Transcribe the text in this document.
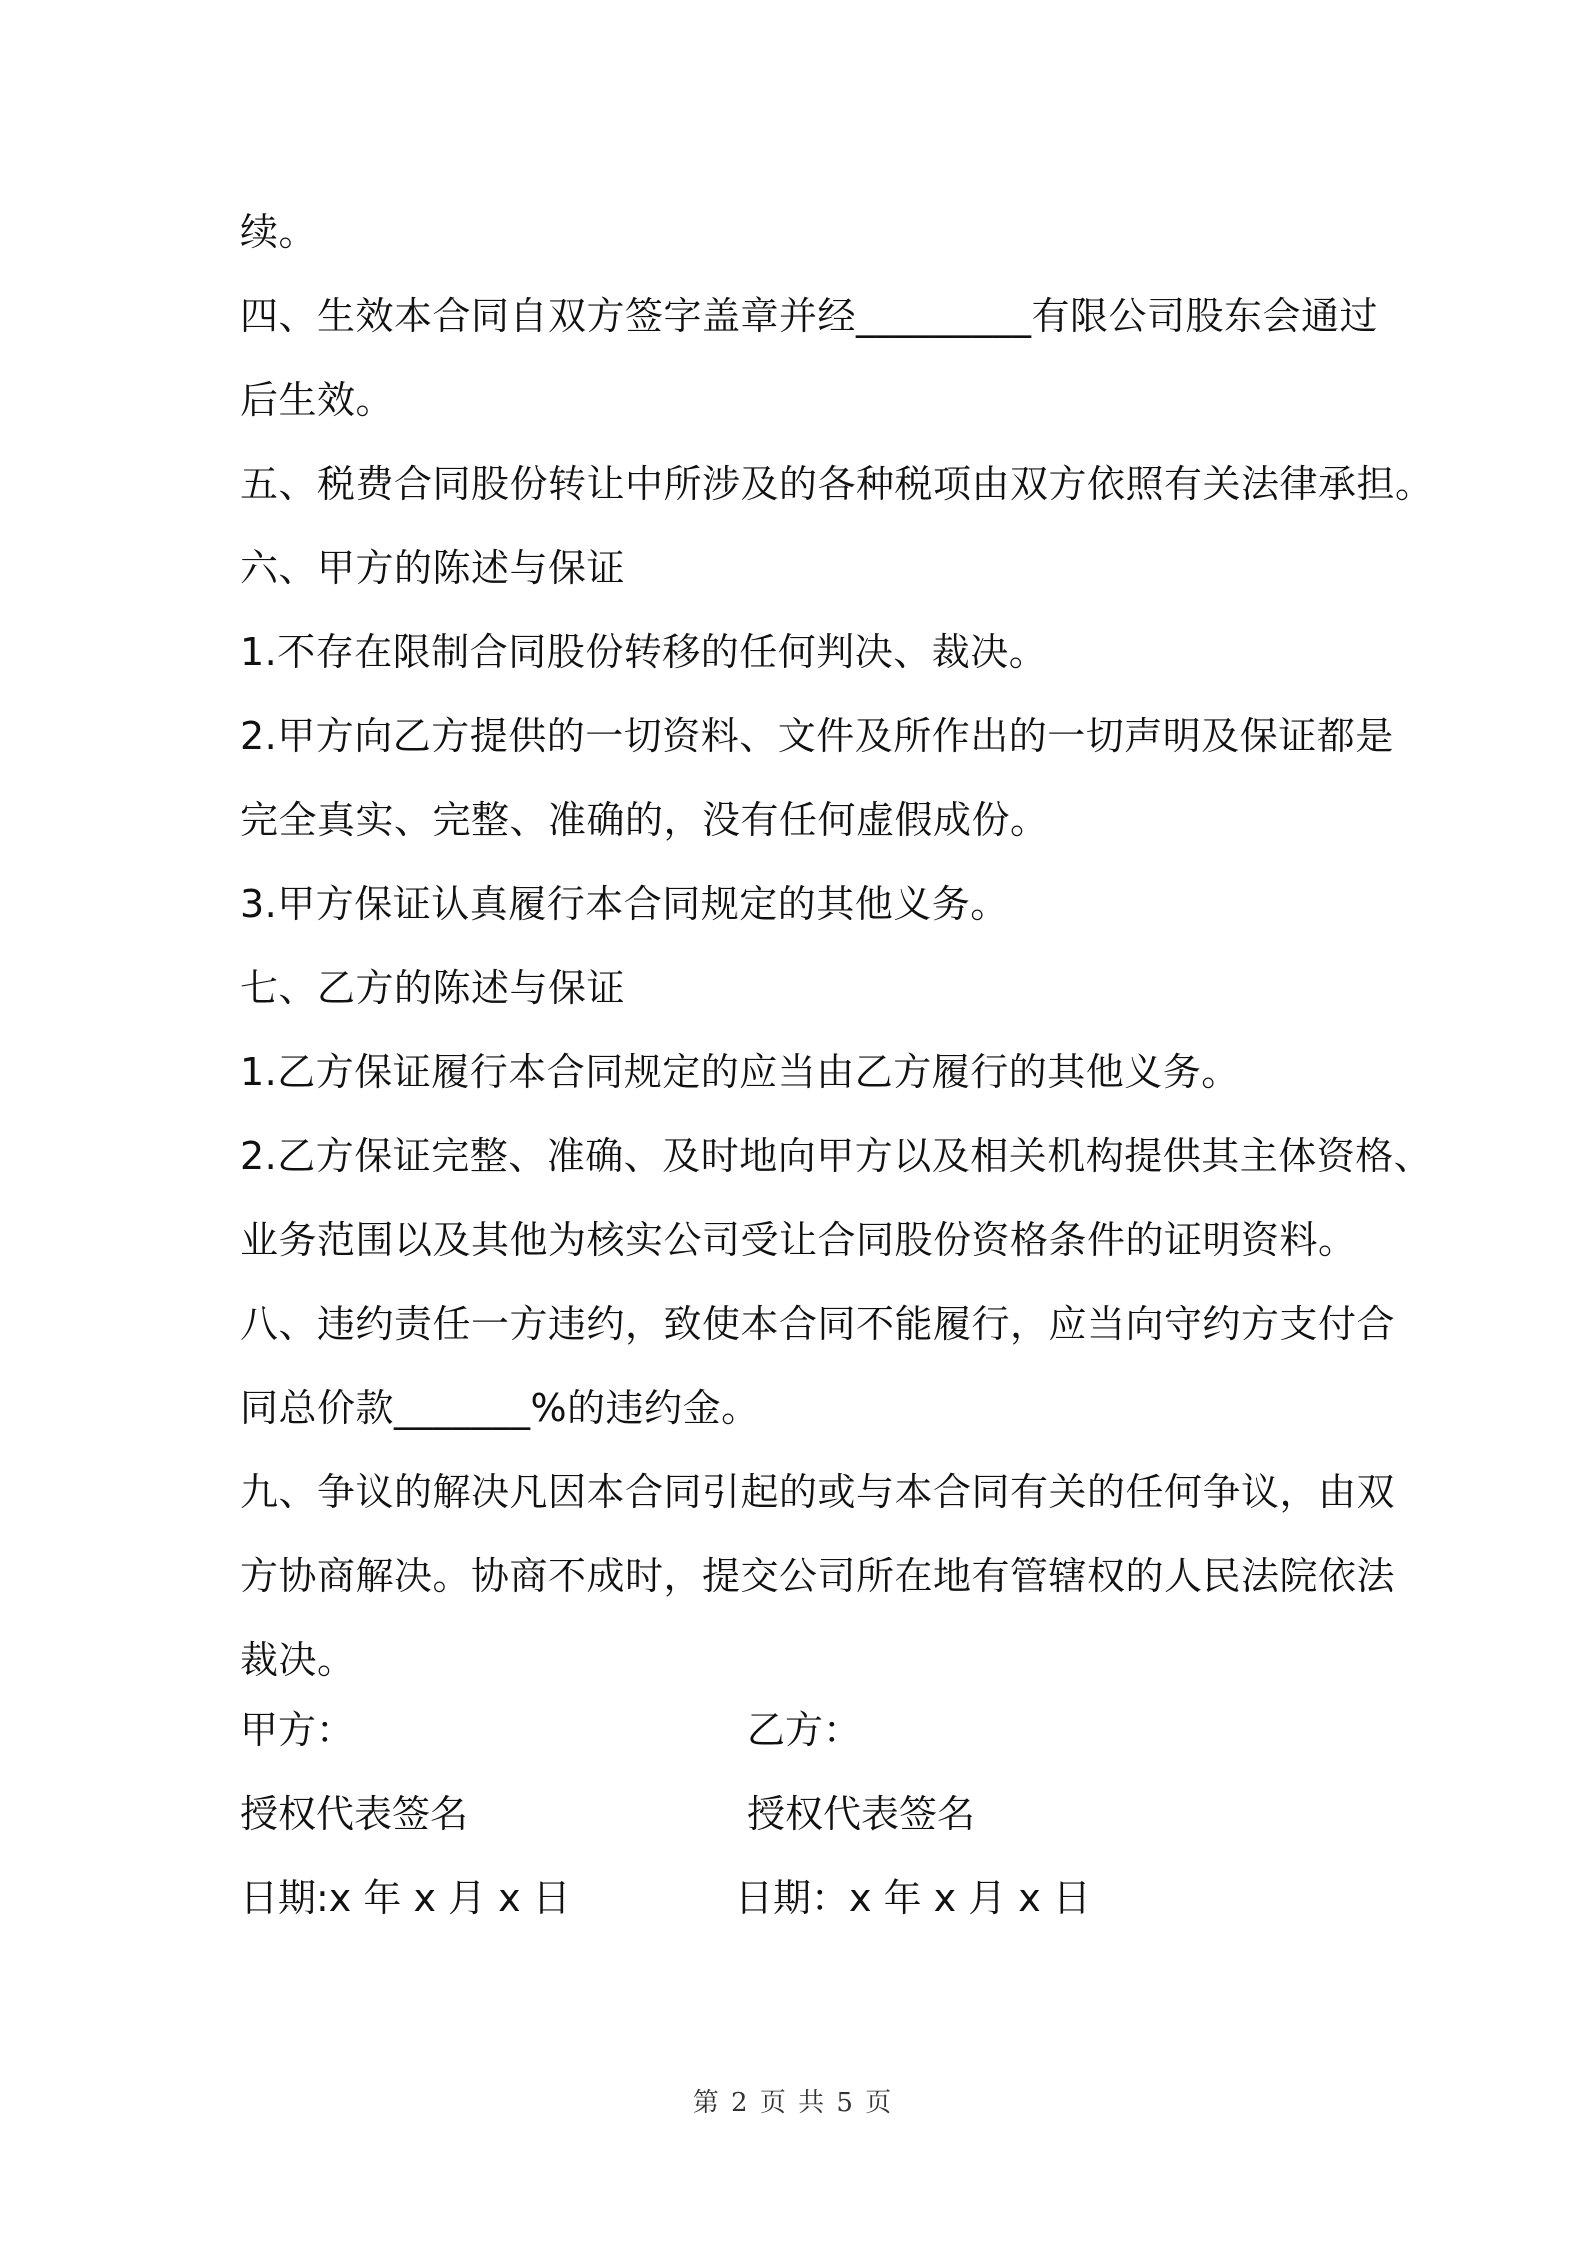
续。
四、生效本合同自双方签字盖章并经_________有限公司股东会通过
后生效。
五、税费合同股份转让中所涉及的各种税项由双方依照有关法律承担。
六、甲方的陈述与保证
1.不存在限制合同股份转移的任何判决、裁决。
2.甲方向乙方提供的一切资料、文件及所作出的一切声明及保证都是
完全真实、完整、准确的，没有任何虚假成份。
3.甲方保证认真履行本合同规定的其他义务。
七、乙方的陈述与保证
1.乙方保证履行本合同规定的应当由乙方履行的其他义务。
2.乙方保证完整、准确、及时地向甲方以及相关机构提供其主体资格、
业务范围以及其他为核实公司受让合同股份资格条件的证明资料。
八、违约责任一方违约，致使本合同不能履行，应当向守约方支付合
同总价款_______%的违约金。
九、争议的解决凡因本合同引起的或与本合同有关的任何争议，由双
方协商解决。协商不成时，提交公司所在地有管辖权的人民法院依法
裁决。
甲方：	乙方：
授权代表签名	授权代表签名
日期:x 年 x 月 x 日	日期：x 年 x 月 x 日
第 2 页 共 5 页
